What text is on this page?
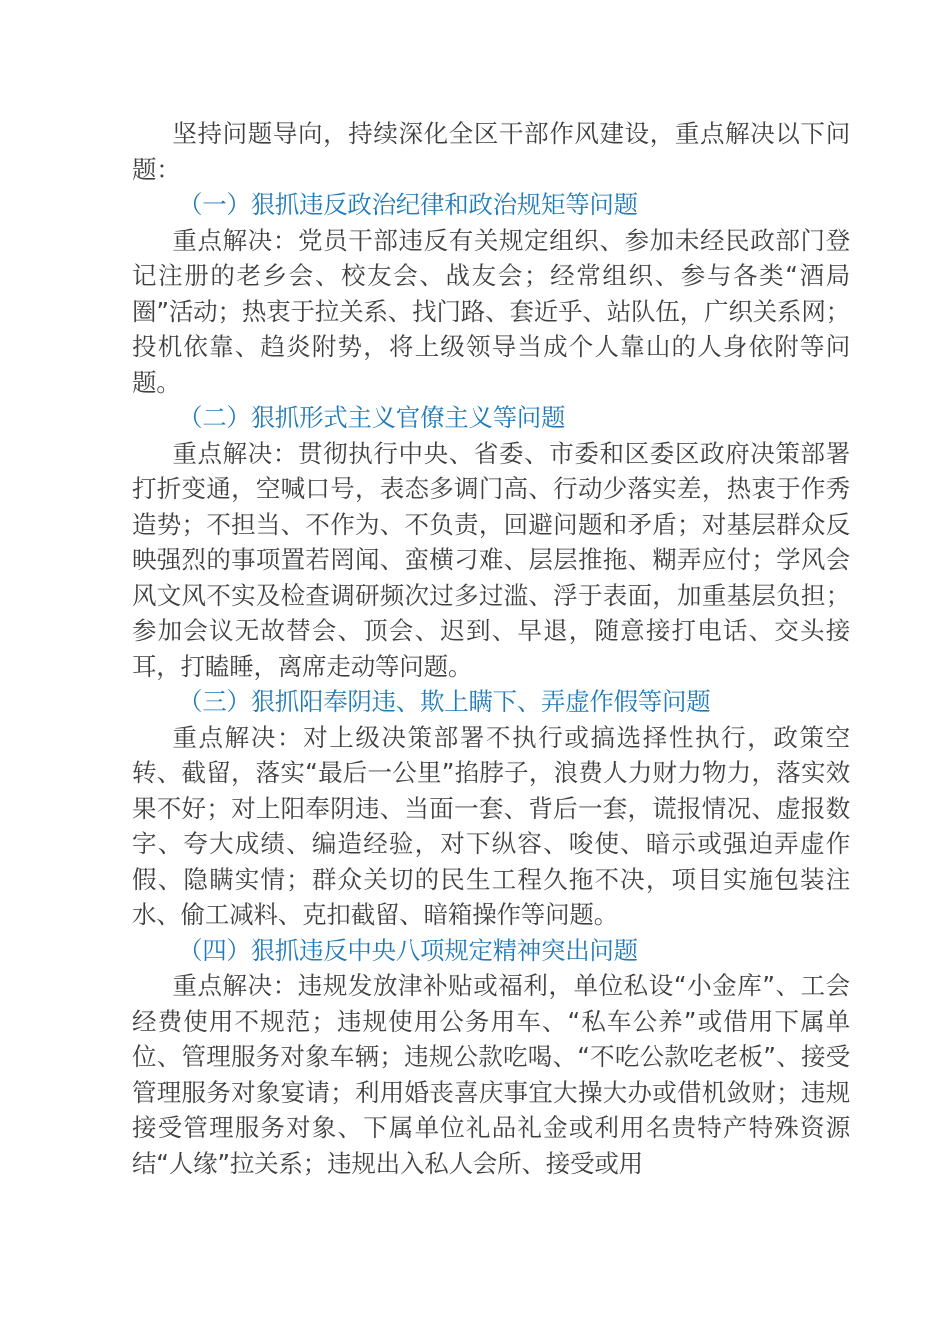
坚持问题导向，持续深化全区干部作风建设，重点解决以下问题：

（一）狠抓违反政治纪律和政治规矩等问题

重点解决：党员干部违反有关规定组织、参加未经民政部门登记注册的老乡会、校友会、战友会；经常组织、参与各类“酒局圈”活动；热衷于拉关系、找门路、套近乎、站队伍，广织关系网；投机依靠、趋炎附势，将上级领导当成个人靠山的人身依附等问题。

（二）狠抓形式主义官僚主义等问题

重点解决：贯彻执行中央、省委、市委和区委区政府决策部署打折变通，空喊口号，表态多调门高、行动少落实差，热衷于作秀造势；不担当、不作为、不负责，回避问题和矛盾；对基层群众反映强烈的事项置若罔闻、蛮横刁难、层层推拖、糊弄应付；学风会风文风不实及检查调研频次过多过滥、浮于表面，加重基层负担；参加会议无故替会、顶会、迟到、早退，随意接打电话、交头接耳，打瞌睡，离席走动等问题。

（三）狠抓阳奉阴违、欺上瞒下、弄虚作假等问题

重点解决：对上级决策部署不执行或搞选择性执行，政策空转、截留，落实“最后一公里”掐脖子，浪费人力财力物力，落实效果不好；对上阳奉阴违、当面一套、背后一套，谎报情况、虚报数字、夸大成绩、编造经验，对下纵容、唆使、暗示或强迫弄虚作假、隐瞒实情；群众关切的民生工程久拖不决，项目实施包装注水、偷工减料、克扣截留、暗箱操作等问题。

（四）狠抓违反中央八项规定精神突出问题

重点解决：违规发放津补贴或福利，单位私设“小金库”、工会经费使用不规范；违规使用公务用车、“私车公养”或借用下属单位、管理服务对象车辆；违规公款吃喝、“不吃公款吃老板”、接受管理服务对象宴请；利用婚丧喜庆事宜大操大办或借机敛财；违规接受管理服务对象、下属单位礼品礼金或利用名贵特产特殊资源结“人缘”拉关系；违规出入私人会所、接受或用
